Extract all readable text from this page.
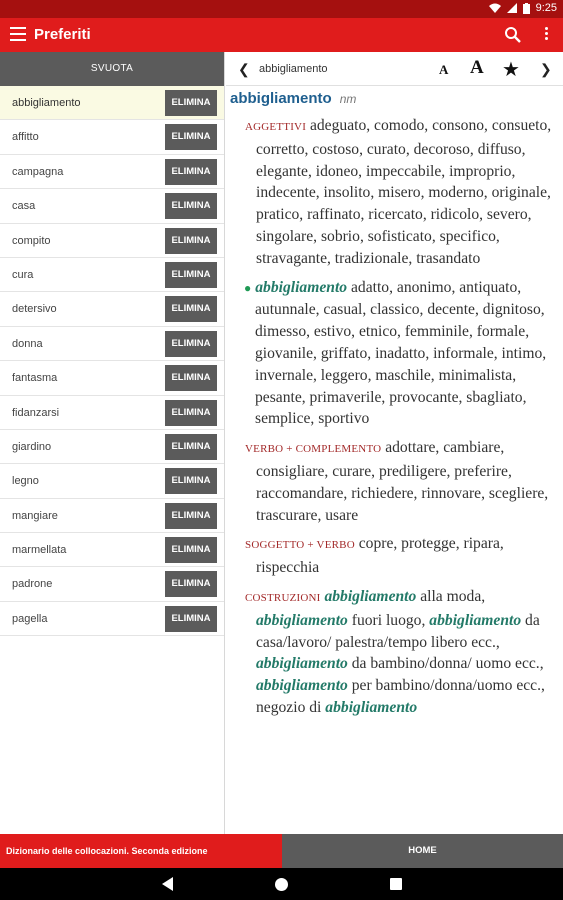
9:25
Preferiti
SVUOTA
abbigliamento	ELIMINA
affitto	ELIMINA
campagna	ELIMINA
casa	ELIMINA
compito	ELIMINA
cura	ELIMINA
detersivo	ELIMINA
donna	ELIMINA
fantasma	ELIMINA
fidanzarsi	ELIMINA
giardino	ELIMINA
legno	ELIMINA
mangiare	ELIMINA
marmellata	ELIMINA
padrone	ELIMINA
pagella	ELIMINA
❮ abbigliamento	A A ★ ❯
abbigliamento nm
AGGETTIVI adeguato, comodo, consono, consueto, corretto, costoso, curato, decoroso, diffuso, elegante, idoneo, impeccabile, improprio, indecente, insolito, misero, moderno, originale, pratico, raffinato, ricercato, ridicolo, severo, singolare, sobrio, sofisticato, specifico, stravagante, tradizionale, trasandato
● abbigliamento adatto, anonimo, antiquato, autunnale, casual, classico, decente, dignitoso, dimesso, estivo, etnico, femminile, formale, giovanile, griffato, inadatto, informale, intimo, invernale, leggero, maschile, minimalista, pesante, primaverile, provocante, sbagliato, semplice, sportivo
VERBO + COMPLEMENTO adottare, cambiare, consigliare, curare, prediligere, preferire, raccomandare, richiedere, rinnovare, scegliere, trascurare, usare
SOGGETTO + VERBO copre, protegge, ripara, rispecchia
COSTRUZIONI abbigliamento alla moda, abbigliamento fuori luogo, abbigliamento da casa/lavoro/ palestra/tempo libero ecc., abbigliamento da bambino/donna/ uomo ecc., abbigliamento per bambino/donna/uomo ecc., negozio di abbigliamento
Dizionario delle collocazioni. Seconda edizione	HOME
